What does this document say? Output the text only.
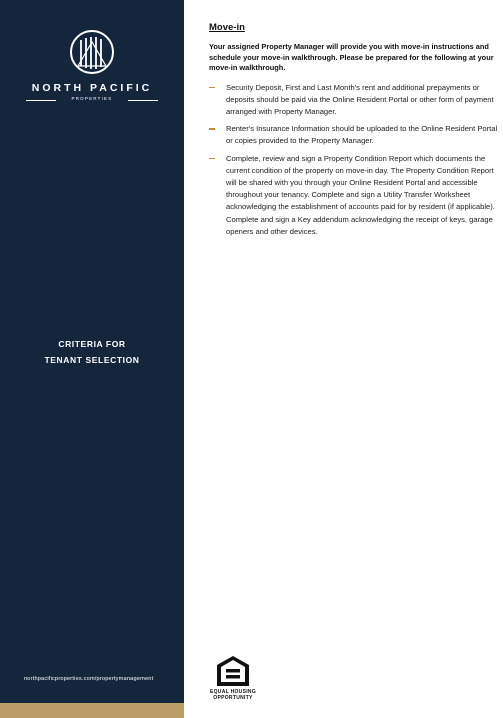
NORTH PACIFIC
PROPERTIES
CRITERIA FOR
TENANT SELECTION
northpacificproperties.com/propertymanagement
Move-in
Your assigned Property Manager will provide you with move-in instructions and schedule your move-in walkthrough. Please be prepared for the following at your move-in walkthrough.
Security Deposit, First and Last Month's rent and additional prepayments or deposits should be paid via the Online Resident Portal or other form of payment arranged with Property Manager.
Renter's Insurance Information should be uploaded to the Online Resident Portal or copies provided to the Property Manager.
Complete, review and sign a Property Condition Report which documents the current condition of the property on move-in day. The Property Condition Report will be shared with you through your Online Resident Portal and accessible throughout your tenancy. Complete and sign a Utility Transfer Worksheet acknowledging the establishment of accounts paid for by resident (if applicable). Complete and sign a Key addendum acknowledging the receipt of keys, garage openers and other devices.
EQUAL HOUSING
OPPORTUNITY
